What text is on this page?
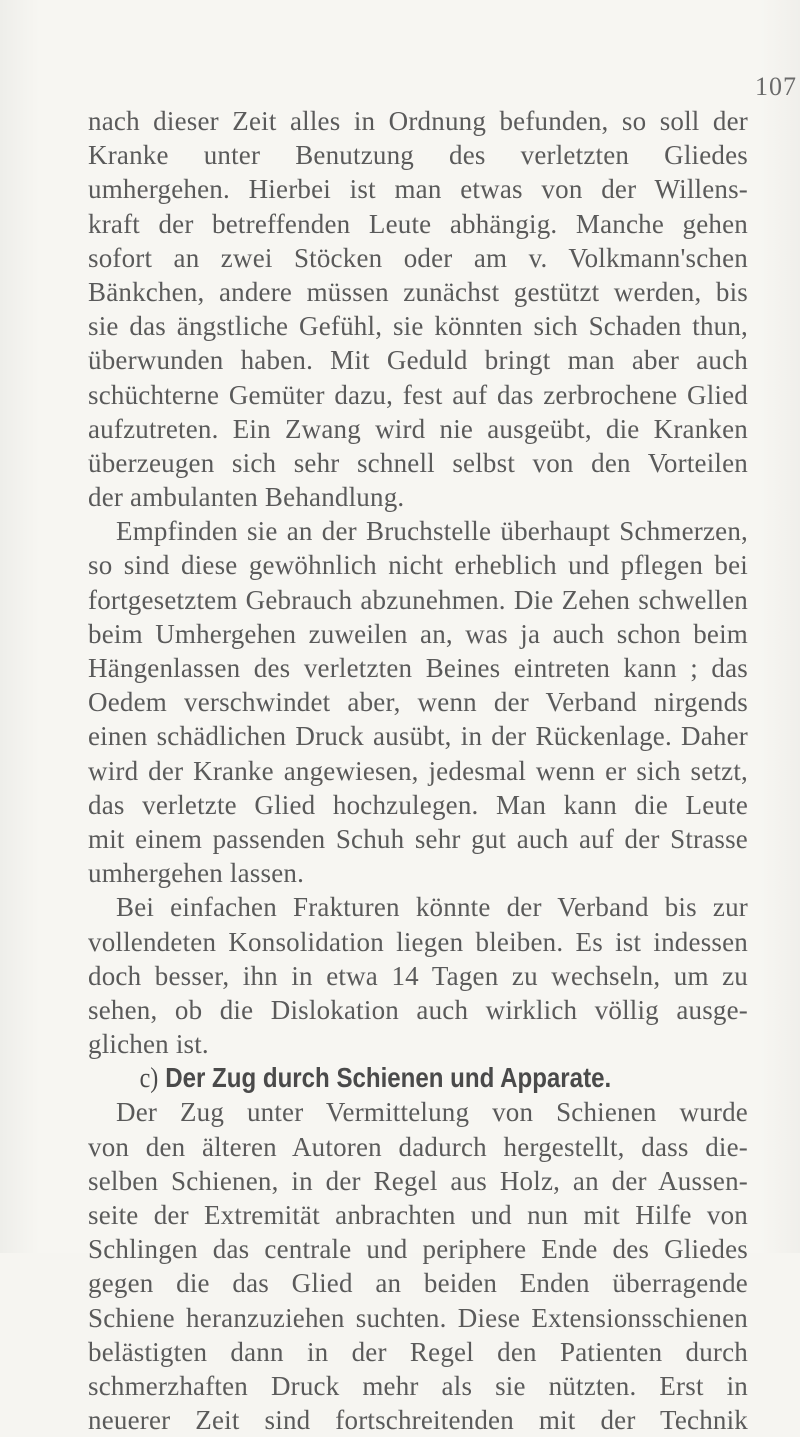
107
nach dieser Zeit alles in Ordnung befunden, so soll der
Kranke unter Benutzung des verletzten Gliedes
umhergehen. Hierbei ist man etwas von der Willens-
kraft der betreffenden Leute abhängig. Manche gehen
sofort an zwei Stöcken oder am v. Volkmann'schen
Bänkchen, andere müssen zunächst gestützt werden, bis
sie das ängstliche Gefühl, sie könnten sich Schaden thun,
überwunden haben. Mit Geduld bringt man aber auch
schüchterne Gemüter dazu, fest auf das zerbrochene Glied
aufzutreten. Ein Zwang wird nie ausgeübt, die Kranken
überzeugen sich sehr schnell selbst von den Vorteilen
der ambulanten Behandlung.
Empfinden sie an der Bruchstelle überhaupt Schmerzen,
so sind diese gewöhnlich nicht erheblich und pflegen bei
fortgesetztem Gebrauch abzunehmen. Die Zehen schwellen
beim Umhergehen zuweilen an, was ja auch schon beim
Hängenlassen des verletzten Beines eintreten kann ; das
Oedem verschwindet aber, wenn der Verband nirgends
einen schädlichen Druck ausübt, in der Rückenlage. Daher
wird der Kranke angewiesen, jedesmal wenn er sich setzt,
das verletzte Glied hochzulegen. Man kann die Leute
mit einem passenden Schuh sehr gut auch auf der Strasse
umhergehen lassen.
Bei einfachen Frakturen könnte der Verband bis zur
vollendeten Konsolidation liegen bleiben. Es ist indessen
doch besser, ihn in etwa 14 Tagen zu wechseln, um zu
sehen, ob die Dislokation auch wirklich völlig ausge-
glichen ist.
c) Der Zug durch Schienen und Apparate.
Der Zug unter Vermittelung von Schienen wurde
von den älteren Autoren dadurch hergestellt, dass die-
selben Schienen, in der Regel aus Holz, an der Aussen-
seite der Extremität anbrachten und nun mit Hilfe von
Schlingen das centrale und periphere Ende des Gliedes
gegen die das Glied an beiden Enden überragende
Schiene heranzuziehen suchten. Diese Extensionsschienen
belästigten dann in der Regel den Patienten durch
schmerzhaften Druck mehr als sie nützten. Erst in
neuerer Zeit sind fortschreitenden mit der Technik
